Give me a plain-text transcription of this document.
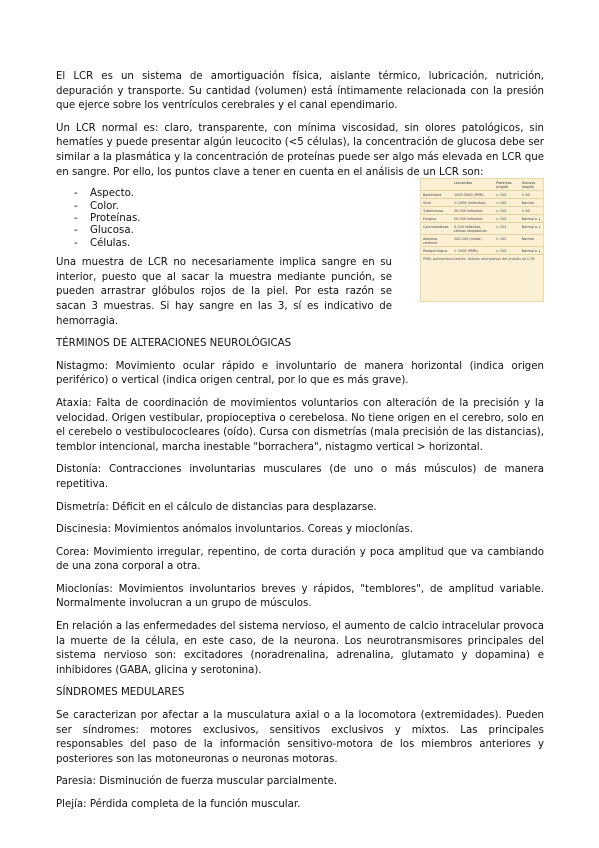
El LCR es un sistema de amortiguación física, aislante térmico, lubricación, nutrición, depuración y transporte. Su cantidad (volumen) está íntimamente relacionada con la presión que ejerce sobre los ventrículos cerebrales y el canal ependimario.

Un LCR normal es: claro, transparente, con mínima viscosidad, sin olores patológicos, sin hematíes y puede presentar algún leucocito (<5 células), la concentración de glucosa debe ser similar a la plasmática y la concentración de proteínas puede ser algo más elevada en LCR que en sangre. Por ello, los puntos clave a tener en cuenta en el análisis de un LCR son:

- Aspecto.
- Color.
- Proteínas.
- Glucosa.
- Células.

Una muestra de LCR no necesariamente implica sangre en su interior, puesto que al sacar la muestra mediante punción, se pueden arrastrar glóbulos rojos de la piel. Por esta razón se sacan 3 muestras. Si hay sangre en las 3, sí es indicativo de hemorragia.

TÉRMINOS DE ALTERACIONES NEUROLÓGICAS

Nistagmo: Movimiento ocular rápido e involuntario de manera horizontal (indica origen periférico) o vertical (indica origen central, por lo que es más grave).

Ataxia: Falta de coordinación de movimientos voluntarios con alteración de la precisión y la velocidad. Origen vestibular, propioceptiva o cerebelosa. No tiene origen en el cerebro, solo en el cerebelo o vestibulococleares (oído). Cursa con dismetrías (mala precisión de las distancias), temblor intencional, marcha inestable "borrachera", nistagmo vertical > horizontal.

Distonía: Contracciones involuntarias musculares (de uno o más músculos) de manera repetitiva.

Dismetría: Déficit en el cálculo de distancias para desplazarse.

Discinesia: Movimientos anómalos involuntarios. Coreas y mioclonías.

Corea: Movimiento irregular, repentino, de corta duración y poca amplitud que va cambiando de una zona corporal a otra.

Mioclonías: Movimientos involuntarios breves y rápidos, "temblores", de amplitud variable. Normalmente involucran a un grupo de músculos.

En relación a las enfermedades del sistema nervioso, el aumento de calcio intracelular provoca la muerte de la célula, en este caso, de la neurona. Los neurotransmisores principales del sistema nervioso son: excitadores (noradrenalina, adrenalina, glutamato y dopamina) e inhibidores (GABA, glicina y serotonina).

SÍNDROMES MEDULARES

Se caracterizan por afectar a la musculatura axial o a la locomotora (extremidades). Pueden ser síndromes: motores exclusivos, sensitivos exclusivos y mixtos. Las principales responsables del paso de la información sensitivo-motora de los miembros anteriores y posteriores son las motoneuronas o neuronas motoras.

Paresia: Disminución de fuerza muscular parcialmente.

Plejía: Pérdida completa de la función muscular.

	Leucocitos	Proteínas (mg/dl)	Glucosa (mg/dl)
Bacteriana	1000-5000 (PMN)	> 100	< 40
Viral	< 1000 (linfocitos)	< 100	Normal
Tuberculosa	50-500 linfocitos	> 100	< 40
Fúngica	20-500 linfocitos	> 100	Normal o ↓
Carcinomatosa	0-100 linfocitos, células neoplásicas	> 100	Normal o ↓
Absceso cerebral	100-200 (mixto)	> 100	Normal
Postquirúrgico	> 1000 (PMN)	> 100	Normal o ↓
PMN: polimorfonucleares. Valores orientativos del análisis de LCR.
